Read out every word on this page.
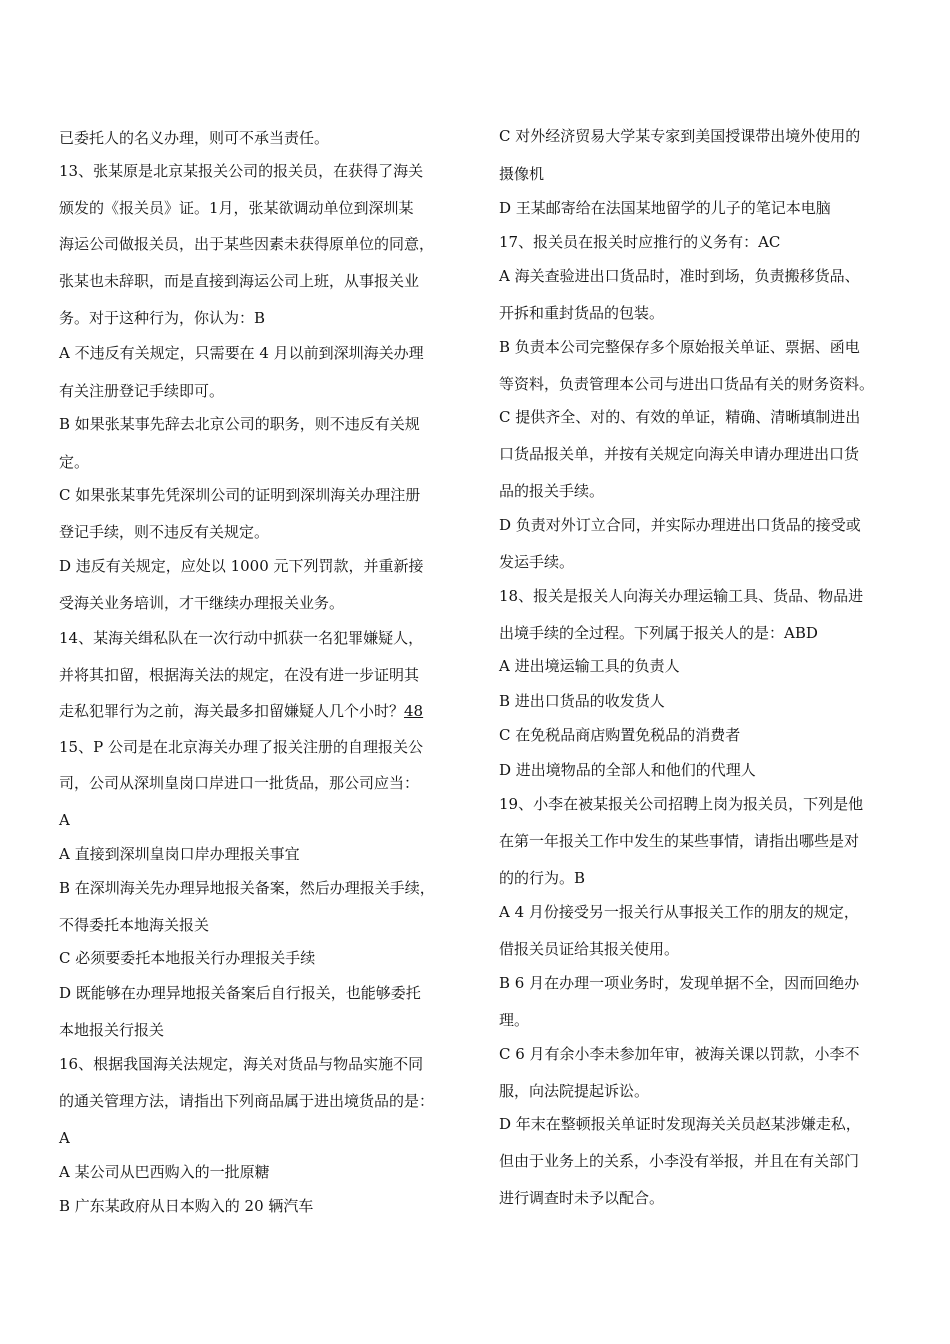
已委托人的名义办理，则可不承当责任。
13、张某原是北京某报关公司的报关员，在获得了海关
颁发的《报关员》证。1月，张某欲调动单位到深圳某
海运公司做报关员，出于某些因素未获得原单位的同意，
张某也未辞职，而是直接到海运公司上班，从事报关业
务。对于这种行为，你认为：B
A 不违反有关规定，只需要在 4 月以前到深圳海关办理
有关注册登记手续即可。
B 如果张某事先辞去北京公司的职务，则不违反有关规
定。
C 如果张某事先凭深圳公司的证明到深圳海关办理注册
登记手续，则不违反有关规定。
D 违反有关规定，应处以 1000 元下列罚款，并重新接
受海关业务培训，才干继续办理报关业务。
14、某海关缉私队在一次行动中抓获一名犯罪嫌疑人，
并将其扣留，根据海关法的规定，在没有进一步证明其
走私犯罪行为之前，海关最多扣留嫌疑人几个小时？48
15、P 公司是在北京海关办理了报关注册的自理报关公
司，公司从深圳皇岗口岸进口一批货品，那公司应当：
A
A 直接到深圳皇岗口岸办理报关事宜
B 在深圳海关先办理异地报关备案，然后办理报关手续，
不得委托本地海关报关
C 必须要委托本地报关行办理报关手续
D 既能够在办理异地报关备案后自行报关，也能够委托
本地报关行报关
16、根据我国海关法规定，海关对货品与物品实施不同
的通关管理方法，请指出下列商品属于进出境货品的是：
A
A 某公司从巴西购入的一批原糖
B 广东某政府从日本购入的 20 辆汽车
C 对外经济贸易大学某专家到美国授课带出境外使用的
摄像机
D 王某邮寄给在法国某地留学的儿子的笔记本电脑
17、报关员在报关时应推行的义务有：AC
A 海关查验进出口货品时，准时到场，负责搬移货品、
开拆和重封货品的包装。
B 负责本公司完整保存多个原始报关单证、票据、函电
等资料，负责管理本公司与进出口货品有关的财务资料。
C 提供齐全、对的、有效的单证，精确、清晰填制进出
口货品报关单，并按有关规定向海关申请办理进出口货
品的报关手续。
D 负责对外订立合同，并实际办理进出口货品的接受或
发运手续。
18、报关是报关人向海关办理运输工具、货品、物品进
出境手续的全过程。下列属于报关人的是：ABD
A 进出境运输工具的负责人
B 进出口货品的收发货人
C 在免税品商店购置免税品的消费者
D 进出境物品的全部人和他们的代理人
19、小李在被某报关公司招聘上岗为报关员，下列是他
在第一年报关工作中发生的某些事情，请指出哪些是对
的的行为。B
A 4 月份接受另一报关行从事报关工作的朋友的规定，
借报关员证给其报关使用。
B 6 月在办理一项业务时，发现单据不全，因而回绝办
理。
C 6 月有余小李未参加年审，被海关课以罚款，小李不
服，向法院提起诉讼。
D 年末在整顿报关单证时发现海关关员赵某涉嫌走私，
但由于业务上的关系，小李没有举报，并且在有关部门
进行调查时未予以配合。
